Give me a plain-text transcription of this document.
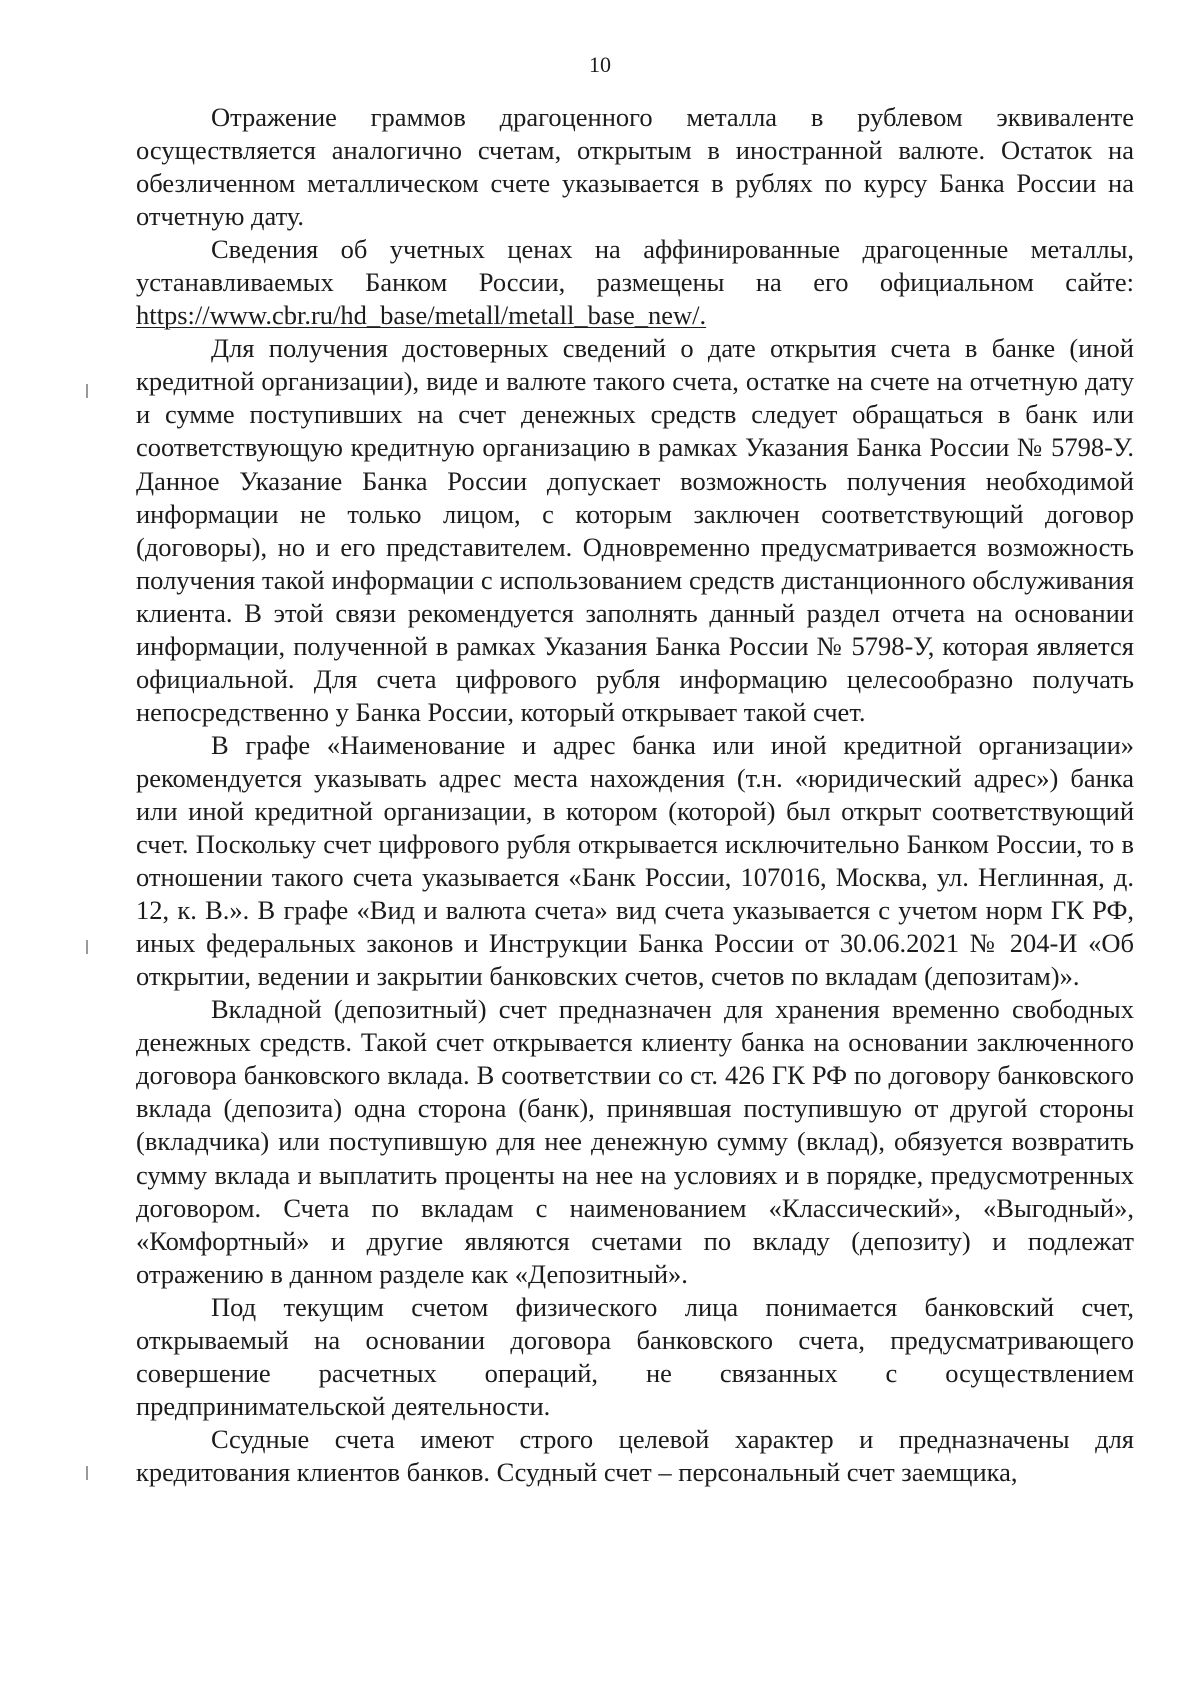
10

Отражение граммов драгоценного металла в рублевом эквиваленте осуществляется аналогично счетам, открытым в иностранной валюте. Остаток на обезличенном металлическом счете указывается в рублях по курсу Банка России на отчетную дату.

Сведения об учетных ценах на аффинированные драгоценные металлы, устанавливаемых Банком России, размещены на его официальном сайте: https://www.cbr.ru/hd_base/metall/metall_base_new/.

Для получения достоверных сведений о дате открытия счета в банке (иной кредитной организации), виде и валюте такого счета, остатке на счете на отчетную дату и сумме поступивших на счет денежных средств следует обращаться в банк или соответствующую кредитную организацию в рамках Указания Банка России № 5798-У. Данное Указание Банка России допускает возможность получения необходимой информации не только лицом, с которым заключен соответствующий договор (договоры), но и его представителем. Одновременно предусматривается возможность получения такой информации с использованием средств дистанционного обслуживания клиента. В этой связи рекомендуется заполнять данный раздел отчета на основании информации, полученной в рамках Указания Банка России № 5798-У, которая является официальной. Для счета цифрового рубля информацию целесообразно получать непосредственно у Банка России, который открывает такой счет.

В графе «Наименование и адрес банка или иной кредитной организации» рекомендуется указывать адрес места нахождения (т.н. «юридический адрес») банка или иной кредитной организации, в котором (которой) был открыт соответствующий счет. Поскольку счет цифрового рубля открывается исключительно Банком России, то в отношении такого счета указывается «Банк России, 107016, Москва, ул. Неглинная, д. 12, к. В.». В графе «Вид и валюта счета» вид счета указывается с учетом норм ГК РФ, иных федеральных законов и Инструкции Банка России от 30.06.2021 № 204-И «Об открытии, ведении и закрытии банковских счетов, счетов по вкладам (депозитам)».

Вкладной (депозитный) счет предназначен для хранения временно свободных денежных средств. Такой счет открывается клиенту банка на основании заключенного договора банковского вклада. В соответствии со ст. 426 ГК РФ по договору банковского вклада (депозита) одна сторона (банк), принявшая поступившую от другой стороны (вкладчика) или поступившую для нее денежную сумму (вклад), обязуется возвратить сумму вклада и выплатить проценты на нее на условиях и в порядке, предусмотренных договором. Счета по вкладам с наименованием «Классический», «Выгодный», «Комфортный» и другие являются счетами по вкладу (депозиту) и подлежат отражению в данном разделе как «Депозитный».

Под текущим счетом физического лица понимается банковский счет, открываемый на основании договора банковского счета, предусматривающего совершение расчетных операций, не связанных с осуществлением предпринимательской деятельности.

Ссудные счета имеют строго целевой характер и предназначены для кредитования клиентов банков. Ссудный счет – персональный счет заемщика,
